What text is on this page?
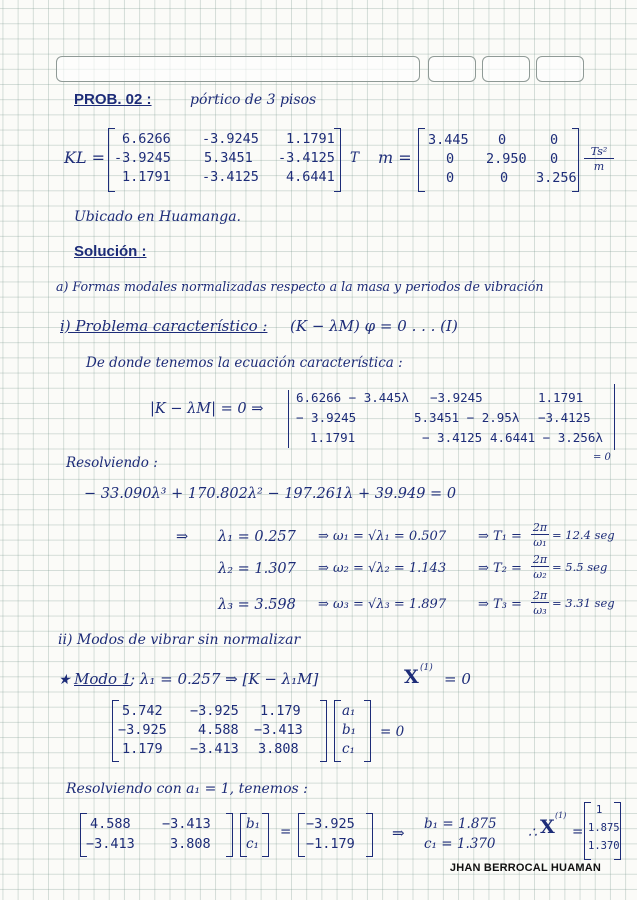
PROB. 02 :	pórtico de 3 pisos
KL =
6.6266 -3.9245 1.1791
-3.9245 5.3451 -3.4125
1.1791 -3.4125 4.6441
T m =
3.445 0	0
0 2.950 0
0	0 3.256
$\frac{\text{Ts²}}{m}$
Ubicado en Huamanga.
Solución :
a) Formas modales normalizadas respecto a la masa y periodos de vibración
i) Problema característico : (K − λM) φ = 0 . . . (I)
De donde tenemos la ecuación característica :
|K − λM| = 0 ⇒
6.6266 − 3.445λ −3.9245	1.1791
− 3.9245	5.3451 − 2.95λ −3.4125
1.1791	− 3.4125 4.6441 − 3.256λ
= 0
Resolviendo :
− 33.090λ³ + 170.802λ² − 197.261λ + 39.949 = 0
⇒ λ₁ = 0.257 ⇒ ω₁ = √λ₁ = 0.507 ⇒ $T_1 = \frac{2\pi}{\text{ω₁}} = 12.4$ seg
λ₂ = 1.307 ⇒ ω₂ = √λ₂ = 1.143 ⇒ $T_2 = \frac{2\pi}{\text{ω₂}} = 5.5$ seg
λ₃ = 3.598 ⇒ ω₃ = √λ₃ = 1.897 ⇒ $T_3 = \frac{2\pi}{\text{ω₃}} = 3.31$ seg
ii) Modos de vibrar sin normalizar
★ Modo 1
; λ₁ = 0.257 ⇒ [K − λ₁M]	X (1)
= 0
5.742 −3.925 1.179
−3.925 4.588 −3.413
1.179 −3.413 3.808
a₁
b₁
c₁
= 0
Resolviendo con a₁ = 1, tenemos :
4.588 −3.413
−3.413	3.808
b₁
c₁
= −3.925
−1.179
⇒ b₁ = 1.875
c₁ = 1.370
∴ X
(1)
=
1
1.875
1.370
JHAN BERROCAL HUAMAN
